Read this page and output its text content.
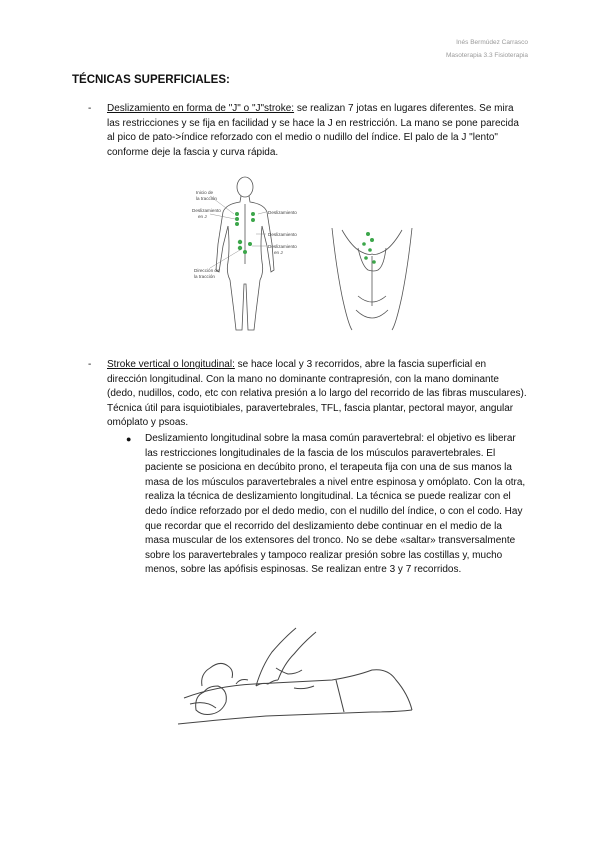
Inés Bermúdez Carrasco
Masoterapia 3.3 Fisioterapia
TÉCNICAS SUPERFICIALES:
- Deslizamiento en forma de "J" o "J"stroke: se realizan 7 jotas en lugares diferentes. Se mira las restricciones y se fija en facilidad y se hace la J en restricción. La mano se pone parecida al pico de pato->índice reforzado con el medio o nudillo del índice. El palo de la J "lento" conforme deje la fascia y curva rápida.
Inicio de
la tracción
Deslizamiento
en J
Deslizamiento
Deslizamiento
Deslizamiento
en J
Dirección de
la tracción
- Stroke vertical o longitudinal: se hace local y 3 recorridos, abre la fascia superficial en dirección longitudinal. Con la mano no dominante contrapresión, con la mano dominante (dedo, nudillos, codo, etc con relativa presión a lo largo del recorrido de las fibras musculares). Técnica útil para isquiotibiales, paravertebrales, TFL, fascia plantar, pectoral mayor, angular omóplato y psoas.
● Deslizamiento longitudinal sobre la masa común paravertebral: el objetivo es liberar las restricciones longitudinales de la fascia de los músculos paravertebrales. El paciente se posiciona en decúbito prono, el terapeuta fija con una de sus manos la masa de los músculos paravertebrales a nivel entre espinosa y omóplato. Con la otra, realiza la técnica de deslizamiento longitudinal. La técnica se puede realizar con el dedo índice reforzado por el dedo medio, con el nudillo del índice, o con el codo. Hay que recordar que el recorrido del deslizamiento debe continuar en el medio de la masa muscular de los extensores del tronco. No se debe «saltar» transversalmente sobre los paravertebrales y tampoco realizar presión sobre las costillas y, mucho menos, sobre las apófisis espinosas. Se realizan entre 3 y 7 recorridos.
